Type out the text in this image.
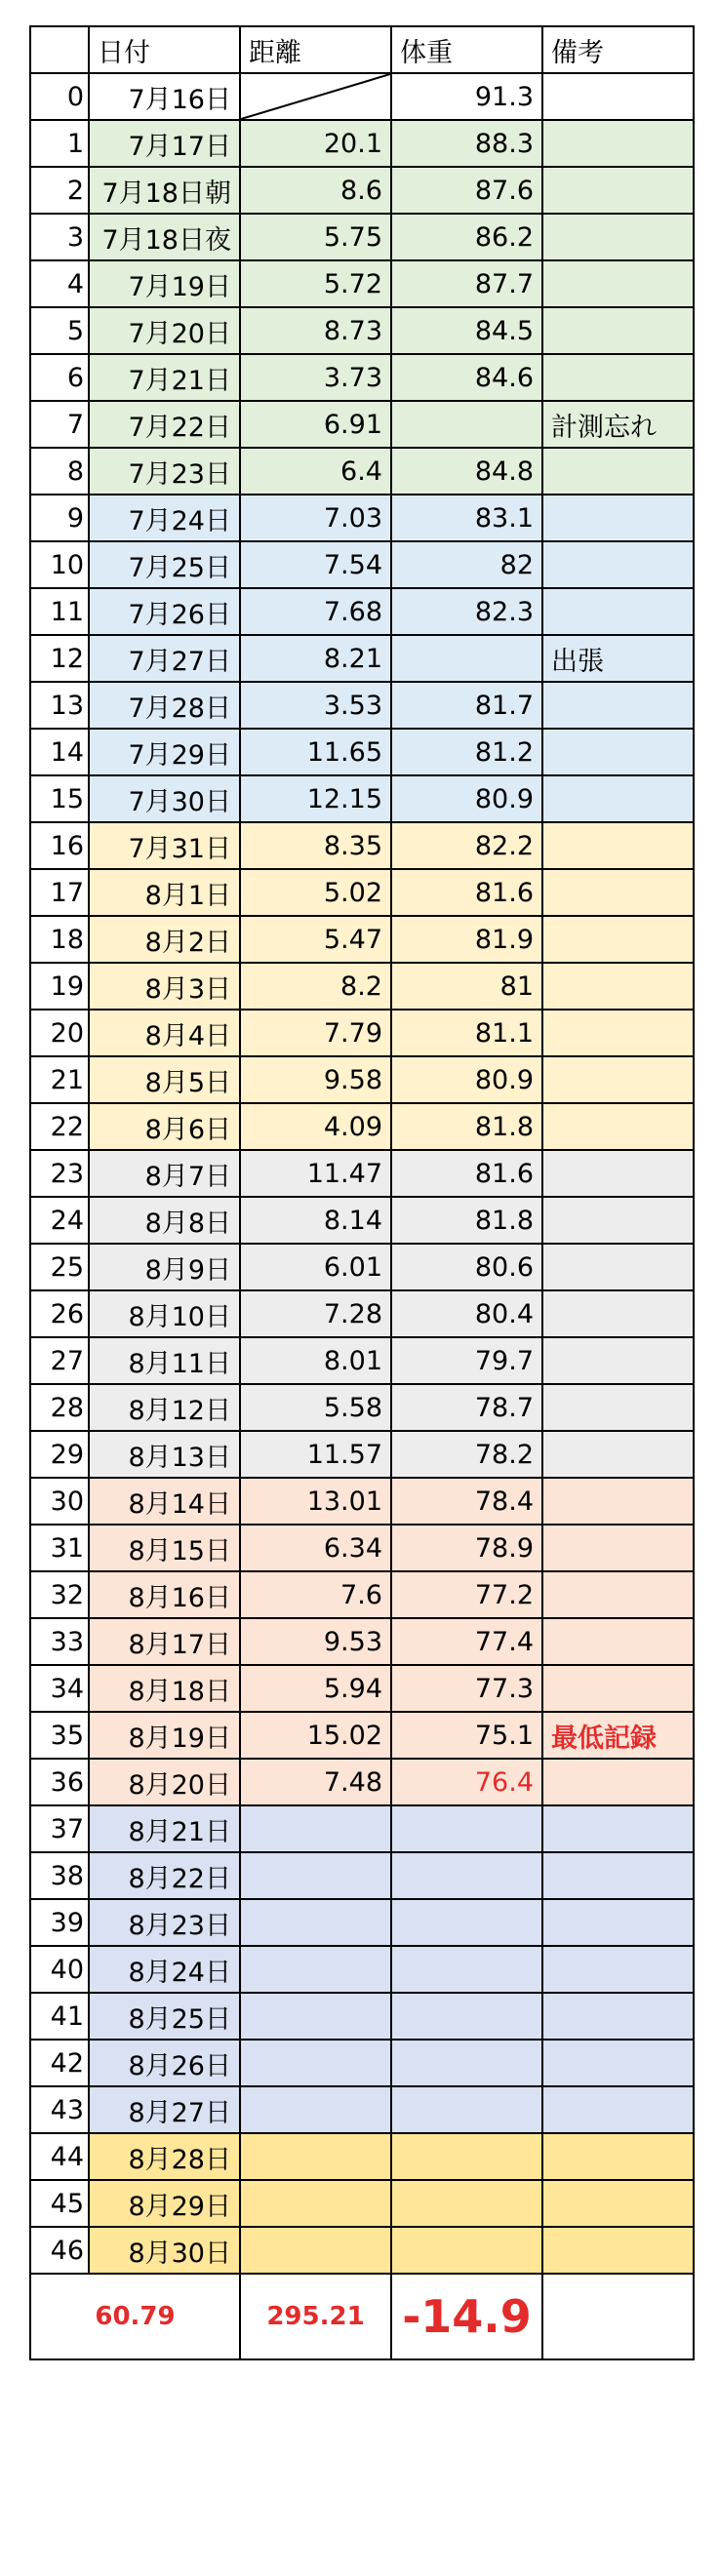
	日付	距離	体重	備考
0	7月16日		91.3	
1	7月17日	20.1	88.3	
2	7月18日朝	8.6	87.6	
3	7月18日夜	5.75	86.2	
4	7月19日	5.72	87.7	
5	7月20日	8.73	84.5	
6	7月21日	3.73	84.6	
7	7月22日	6.91		計測忘れ
8	7月23日	6.4	84.8	
9	7月24日	7.03	83.1	
10	7月25日	7.54	82	
11	7月26日	7.68	82.3	
12	7月27日	8.21		出張
13	7月28日	3.53	81.7	
14	7月29日	11.65	81.2	
15	7月30日	12.15	80.9	
16	7月31日	8.35	82.2	
17	8月1日	5.02	81.6	
18	8月2日	5.47	81.9	
19	8月3日	8.2	81	
20	8月4日	7.79	81.1	
21	8月5日	9.58	80.9	
22	8月6日	4.09	81.8	
23	8月7日	11.47	81.6	
24	8月8日	8.14	81.8	
25	8月9日	6.01	80.6	
26	8月10日	7.28	80.4	
27	8月11日	8.01	79.7	
28	8月12日	5.58	78.7	
29	8月13日	11.57	78.2	
30	8月14日	13.01	78.4	
31	8月15日	6.34	78.9	
32	8月16日	7.6	77.2	
33	8月17日	9.53	77.4	
34	8月18日	5.94	77.3	
35	8月19日	15.02	75.1	最低記録
36	8月20日	7.48	76.4	
37	8月21日			
38	8月22日			
39	8月23日			
40	8月24日			
41	8月25日			
42	8月26日			
43	8月27日			
44	8月28日			
45	8月29日			
46	8月30日			
60.79		295.21	-14.9	
